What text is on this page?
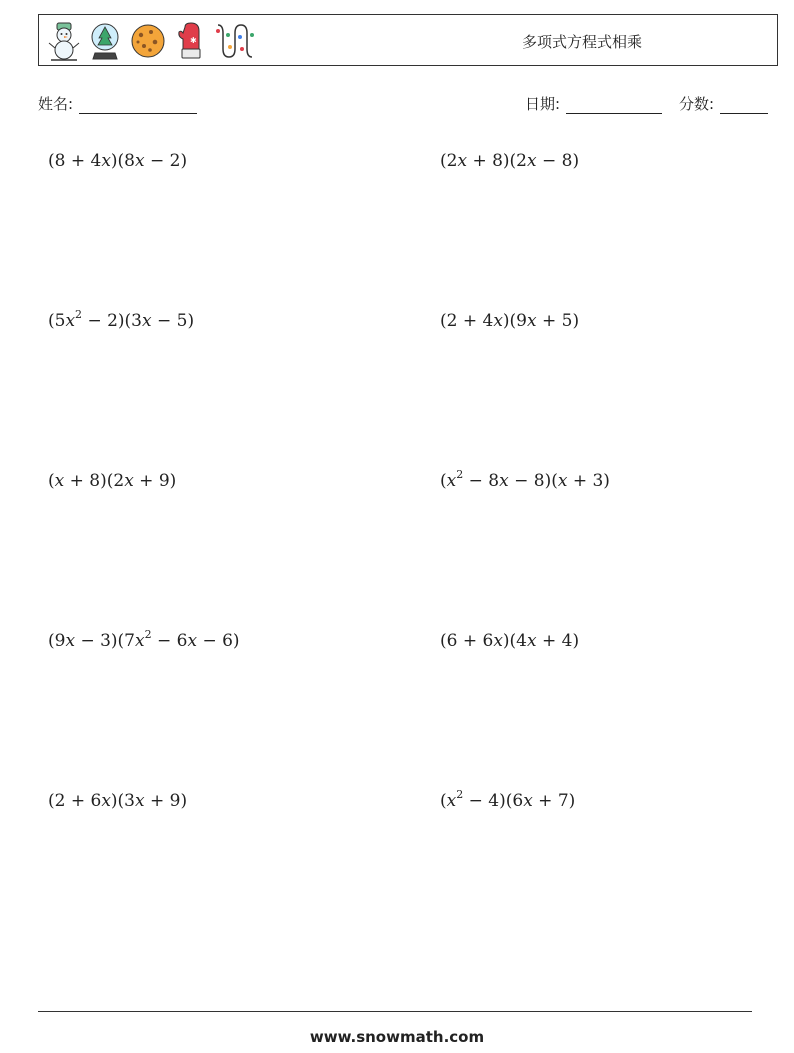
✱	多项式方程式相乘
姓名:	日期:	分数:
(8 + 4x)(8x − 2)	(2x + 8)(2x − 8)
$(5x^2 - 2)(3x - 5)$	(2 + 4x)(9x + 5)
(x + 8)(2x + 9)	$(x^2 - 8x - 8)(x + 3)$
$(9x - 3)(7x^2 - 6x - 6)$	(6 + 6x)(4x + 4)
(2 + 6x)(3x + 9)	$(x^2 - 4)(6x + 7)$
www.snowmath.com
